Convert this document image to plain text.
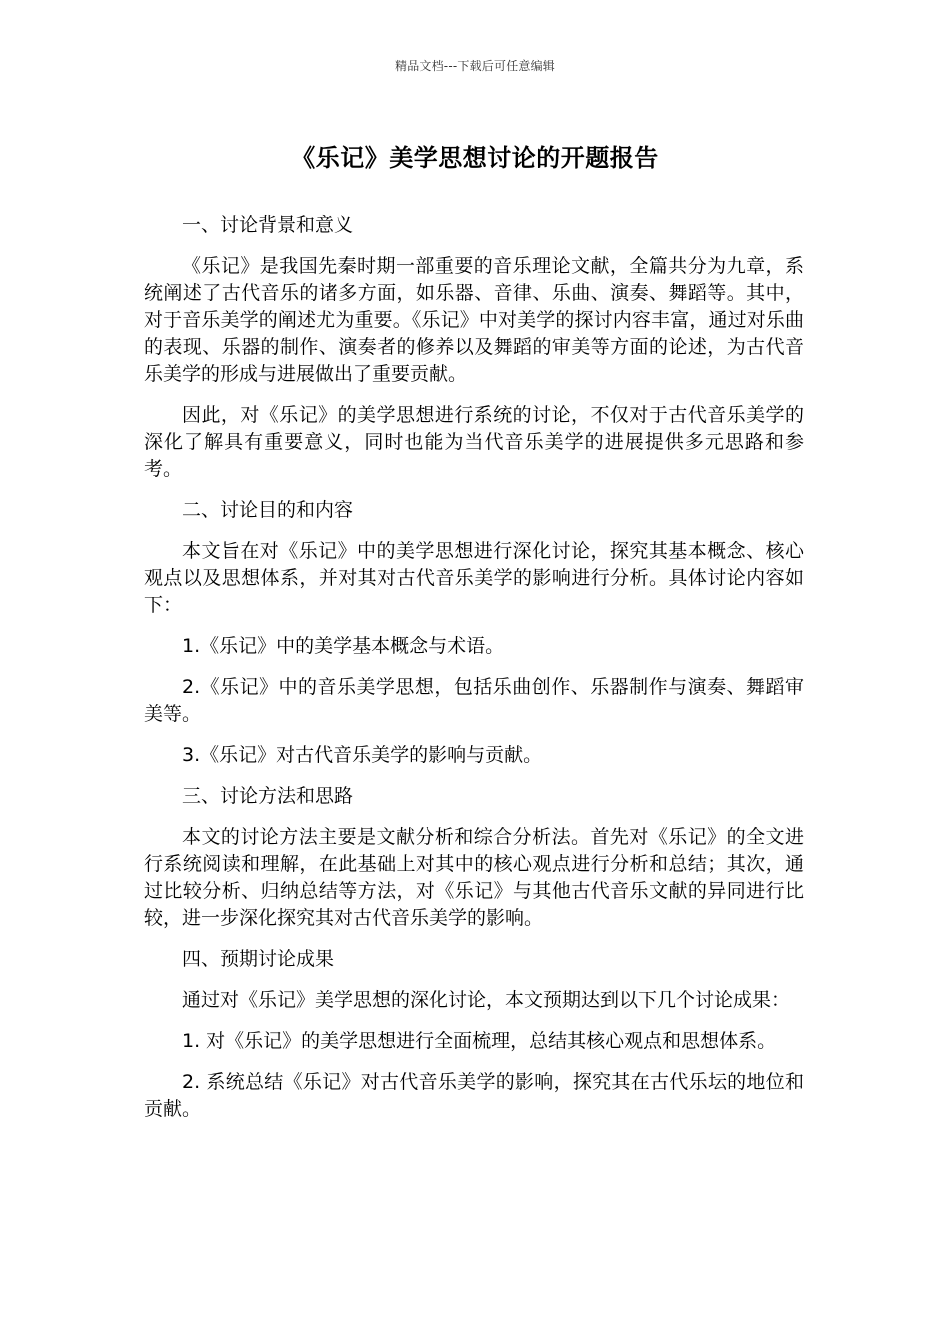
精品文档---下载后可任意编辑
《乐记》美学思想讨论的开题报告

一、讨论背景和意义

《乐记》是我国先秦时期一部重要的音乐理论文献，全篇共分为九章，系统阐述了古代音乐的诸多方面，如乐器、音律、乐曲、演奏、舞蹈等。其中，对于音乐美学的阐述尤为重要。《乐记》中对美学的探讨内容丰富，通过对乐曲的表现、乐器的制作、演奏者的修养以及舞蹈的审美等方面的论述，为古代音乐美学的形成与进展做出了重要贡献。

因此，对《乐记》的美学思想进行系统的讨论，不仅对于古代音乐美学的深化了解具有重要意义，同时也能为当代音乐美学的进展提供多元思路和参考。

二、讨论目的和内容

本文旨在对《乐记》中的美学思想进行深化讨论，探究其基本概念、核心观点以及思想体系，并对其对古代音乐美学的影响进行分析。具体讨论内容如下：

1.《乐记》中的美学基本概念与术语。

2.《乐记》中的音乐美学思想，包括乐曲创作、乐器制作与演奏、舞蹈审美等。

3.《乐记》对古代音乐美学的影响与贡献。

三、讨论方法和思路

本文的讨论方法主要是文献分析和综合分析法。首先对《乐记》的全文进行系统阅读和理解，在此基础上对其中的核心观点进行分析和总结；其次，通过比较分析、归纳总结等方法，对《乐记》与其他古代音乐文献的异同进行比较，进一步深化探究其对古代音乐美学的影响。

四、预期讨论成果

通过对《乐记》美学思想的深化讨论，本文预期达到以下几个讨论成果：

1. 对《乐记》的美学思想进行全面梳理，总结其核心观点和思想体系。

2. 系统总结《乐记》对古代音乐美学的影响，探究其在古代乐坛的地位和贡献。
